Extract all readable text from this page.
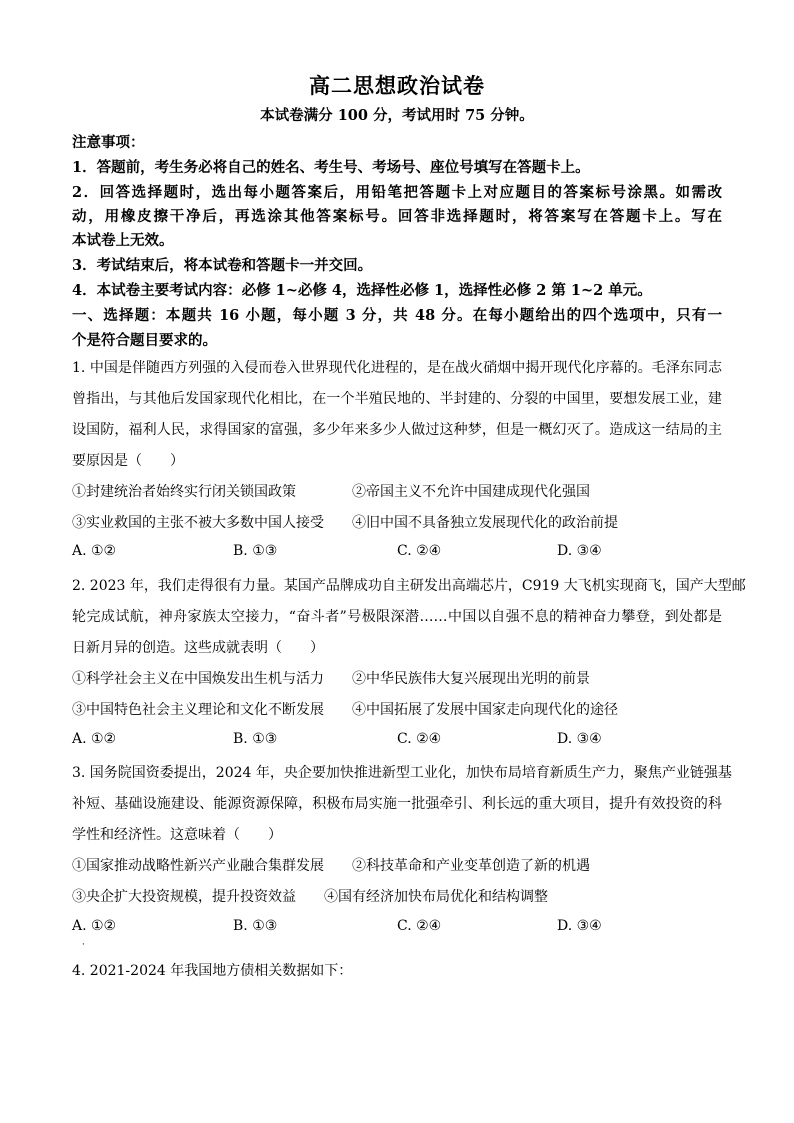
高二思想政治试卷
本试卷满分 100 分，考试用时 75 分钟。
注意事项：
1．答题前，考生务必将自己的姓名、考生号、考场号、座位号填写在答题卡上。
2．回答选择题时，选出每小题答案后，用铅笔把答题卡上对应题目的答案标号涂黑。如需改
动，用橡皮擦干净后，再选涂其他答案标号。回答非选择题时，将答案写在答题卡上。写在
本试卷上无效。
3．考试结束后，将本试卷和答题卡一并交回。
4．本试卷主要考试内容：必修 1~必修 4，选择性必修 1，选择性必修 2 第 1~2 单元。
一、选择题：本题共 16 小题，每小题 3 分，共 48 分。在每小题给出的四个选项中，只有一
个是符合题目要求的。
1. 中国是伴随西方列强的入侵而卷入世界现代化进程的，是在战火硝烟中揭开现代化序幕的。毛泽东同志
曾指出，与其他后发国家现代化相比，在一个半殖民地的、半封建的、分裂的中国里，要想发展工业，建
设国防，福利人民，求得国家的富强，多少年来多少人做过这种梦，但是一概幻灭了。造成这一结局的主
要原因是（　　）
①封建统治者始终实行闭关锁国政策	②帝国主义不允许中国建成现代化强国
③实业救国的主张不被大多数中国人接受 ④旧中国不具备独立发展现代化的政治前提
A. ①②	B. ①③	C. ②④	D. ③④
2. 2023 年，我们走得很有力量。某国产品牌成功自主研发出高端芯片，C919 大飞机实现商飞，国产大型邮
轮完成试航，神舟家族太空接力，“奋斗者”号极限深潜……中国以自强不息的精神奋力攀登，到处都是
日新月异的创造。这些成就表明（　　）
①科学社会主义在中国焕发出生机与活力 ②中华民族伟大复兴展现出光明的前景
③中国特色社会主义理论和文化不断发展 ④中国拓展了发展中国家走向现代化的途径
A. ①②	B. ①③	C. ②④	D. ③④
3. 国务院国资委提出，2024 年，央企要加快推进新型工业化，加快布局培育新质生产力，聚焦产业链强基
补短、基础设施建设、能源资源保障，积极布局实施一批强牵引、利长远的重大项目，提升有效投资的科
学性和经济性。这意味着（　　）
①国家推动战略性新兴产业融合集群发展 ②科技革命和产业变革创造了新的机遇
③央企扩大投资规模，提升投资效益 ④国有经济加快布局优化和结构调整
A. ①②	B. ①③	C. ②④	D. ③④
·
4. 2021-2024 年我国地方债相关数据如下：
